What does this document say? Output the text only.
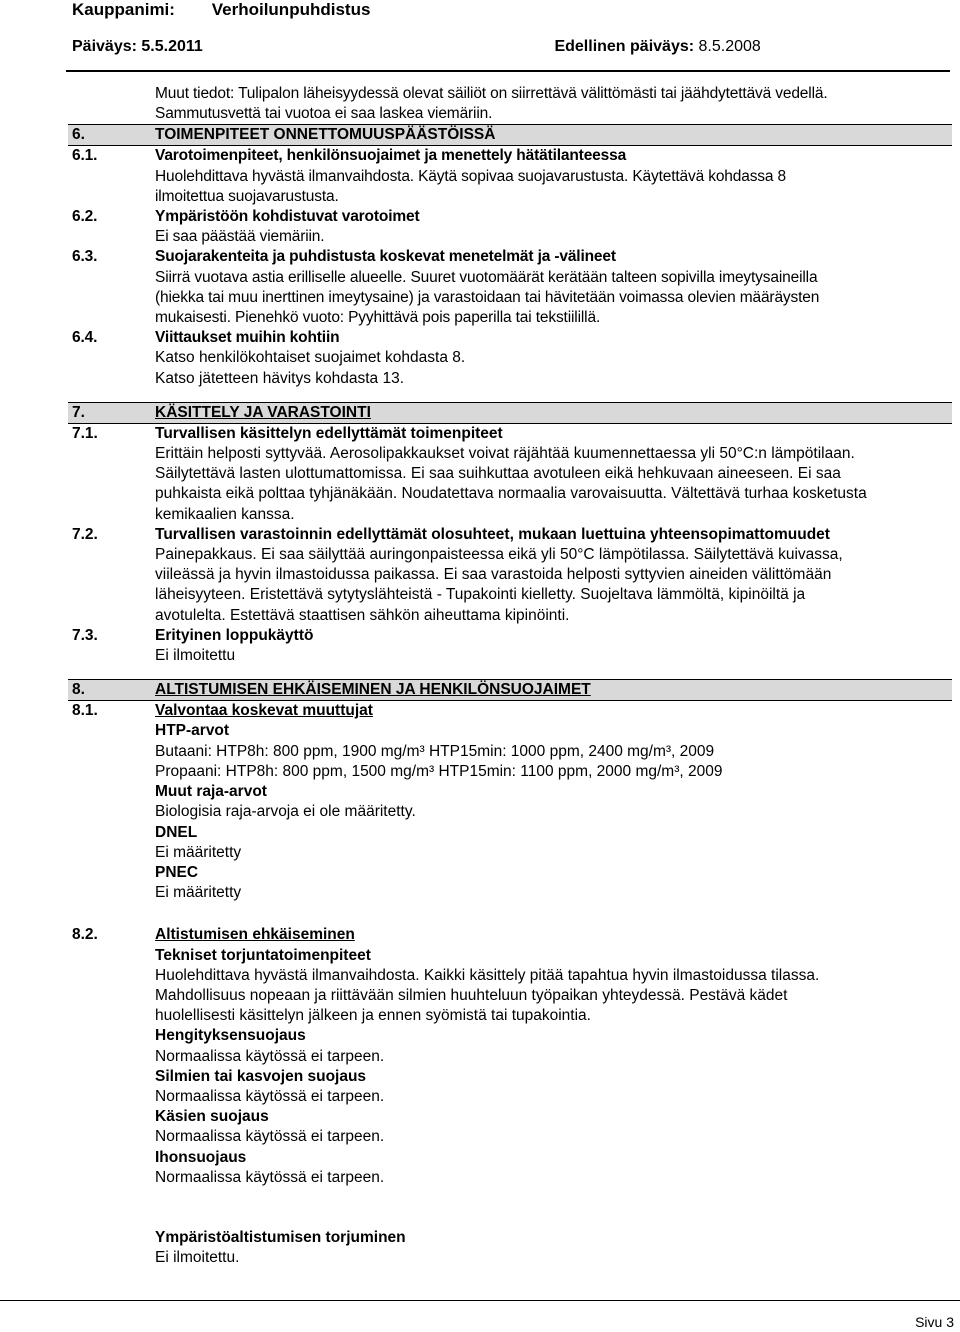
Kauppanimi: Verhoilunpuhdistus
Päiväys: 5.5.2011	Edellinen päiväys: 8.5.2008
Muut tiedot: Tulipalon läheisyydessä olevat säiliöt on siirrettävä välittömästi tai jäähdytettävä vedellä.
Sammutusvettä tai vuotoa ei saa laskea viemäriin.
6.	TOIMENPITEET ONNETTOMUUSPÄÄSTÖISSÄ
6.1.	Varotoimenpiteet, henkilönsuojaimet ja menettely hätätilanteessa
Huolehdittava hyvästä ilmanvaihdosta. Käytä sopivaa suojavarustusta. Käytettävä kohdassa 8
ilmoitettua suojavarustusta.
6.2.	Ympäristöön kohdistuvat varotoimet
Ei saa päästää viemäriin.
6.3.	Suojarakenteita ja puhdistusta koskevat menetelmät ja -välineet
Siirrä vuotava astia erilliselle alueelle. Suuret vuotomäärät kerätään talteen sopivilla imeytysaineilla
(hiekka tai muu inerttinen imeytysaine) ja varastoidaan tai hävitetään voimassa olevien määräysten
mukaisesti. Pienehkö vuoto: Pyyhittävä pois paperilla tai tekstiilillä.
6.4.	Viittaukset muihin kohtiin
Katso henkilökohtaiset suojaimet kohdasta 8.
Katso jätetteen hävitys kohdasta 13.
7.	KÄSITTELY JA VARASTOINTI
7.1.	Turvallisen käsittelyn edellyttämät toimenpiteet
Erittäin helposti syttyvää. Aerosolipakkaukset voivat räjähtää kuumennettaessa yli 50°C:n lämpötilaan.
Säilytettävä lasten ulottumattomissa. Ei saa suihkuttaa avotuleen eikä hehkuvaan aineeseen. Ei saa
puhkaista eikä polttaa tyhjänäkään. Noudatettava normaalia varovaisuutta. Vältettävä turhaa kosketusta
kemikaalien kanssa.
7.2.	Turvallisen varastoinnin edellyttämät olosuhteet, mukaan luettuina yhteensopimattomuudet
Painepakkaus. Ei saa säilyttää auringonpaisteessa eikä yli 50°C lämpötilassa. Säilytettävä kuivassa,
viileässä ja hyvin ilmastoidussa paikassa. Ei saa varastoida helposti syttyvien aineiden välittömään
läheisyyteen. Eristettävä sytytyslähteistä - Tupakointi kielletty. Suojeltava lämmöltä, kipinöiltä ja
avotulelta. Estettävä staattisen sähkön aiheuttama kipinöinti.
7.3.	Erityinen loppukäyttö
Ei ilmoitettu
8.	ALTISTUMISEN EHKÄISEMINEN JA HENKILÖNSUOJAIMET
8.1.	Valvontaa koskevat muuttujat
HTP-arvot
Butaani: HTP8h: 800 ppm, 1900 mg/m³ HTP15min: 1000 ppm, 2400 mg/m³, 2009
Propaani: HTP8h: 800 ppm, 1500 mg/m³ HTP15min: 1100 ppm, 2000 mg/m³, 2009
Muut raja-arvot
Biologisia raja-arvoja ei ole määritetty.
DNEL
Ei määritetty
PNEC
Ei määritetty
8.2.	Altistumisen ehkäiseminen
Tekniset torjuntatoimenpiteet
Huolehdittava hyvästä ilmanvaihdosta. Kaikki käsittely pitää tapahtua hyvin ilmastoidussa tilassa.
Mahdollisuus nopeaan ja riittävään silmien huuhteluun työpaikan yhteydessä. Pestävä kädet
huolellisesti käsittelyn jälkeen ja ennen syömistä tai tupakointia.
Hengityksensuojaus
Normaalissa käytössä ei tarpeen.
Silmien tai kasvojen suojaus
Normaalissa käytössä ei tarpeen.
Käsien suojaus
Normaalissa käytössä ei tarpeen.
Ihonsuojaus
Normaalissa käytössä ei tarpeen.
Ympäristöaltistumisen torjuminen
Ei ilmoitettu.
Sivu 3
